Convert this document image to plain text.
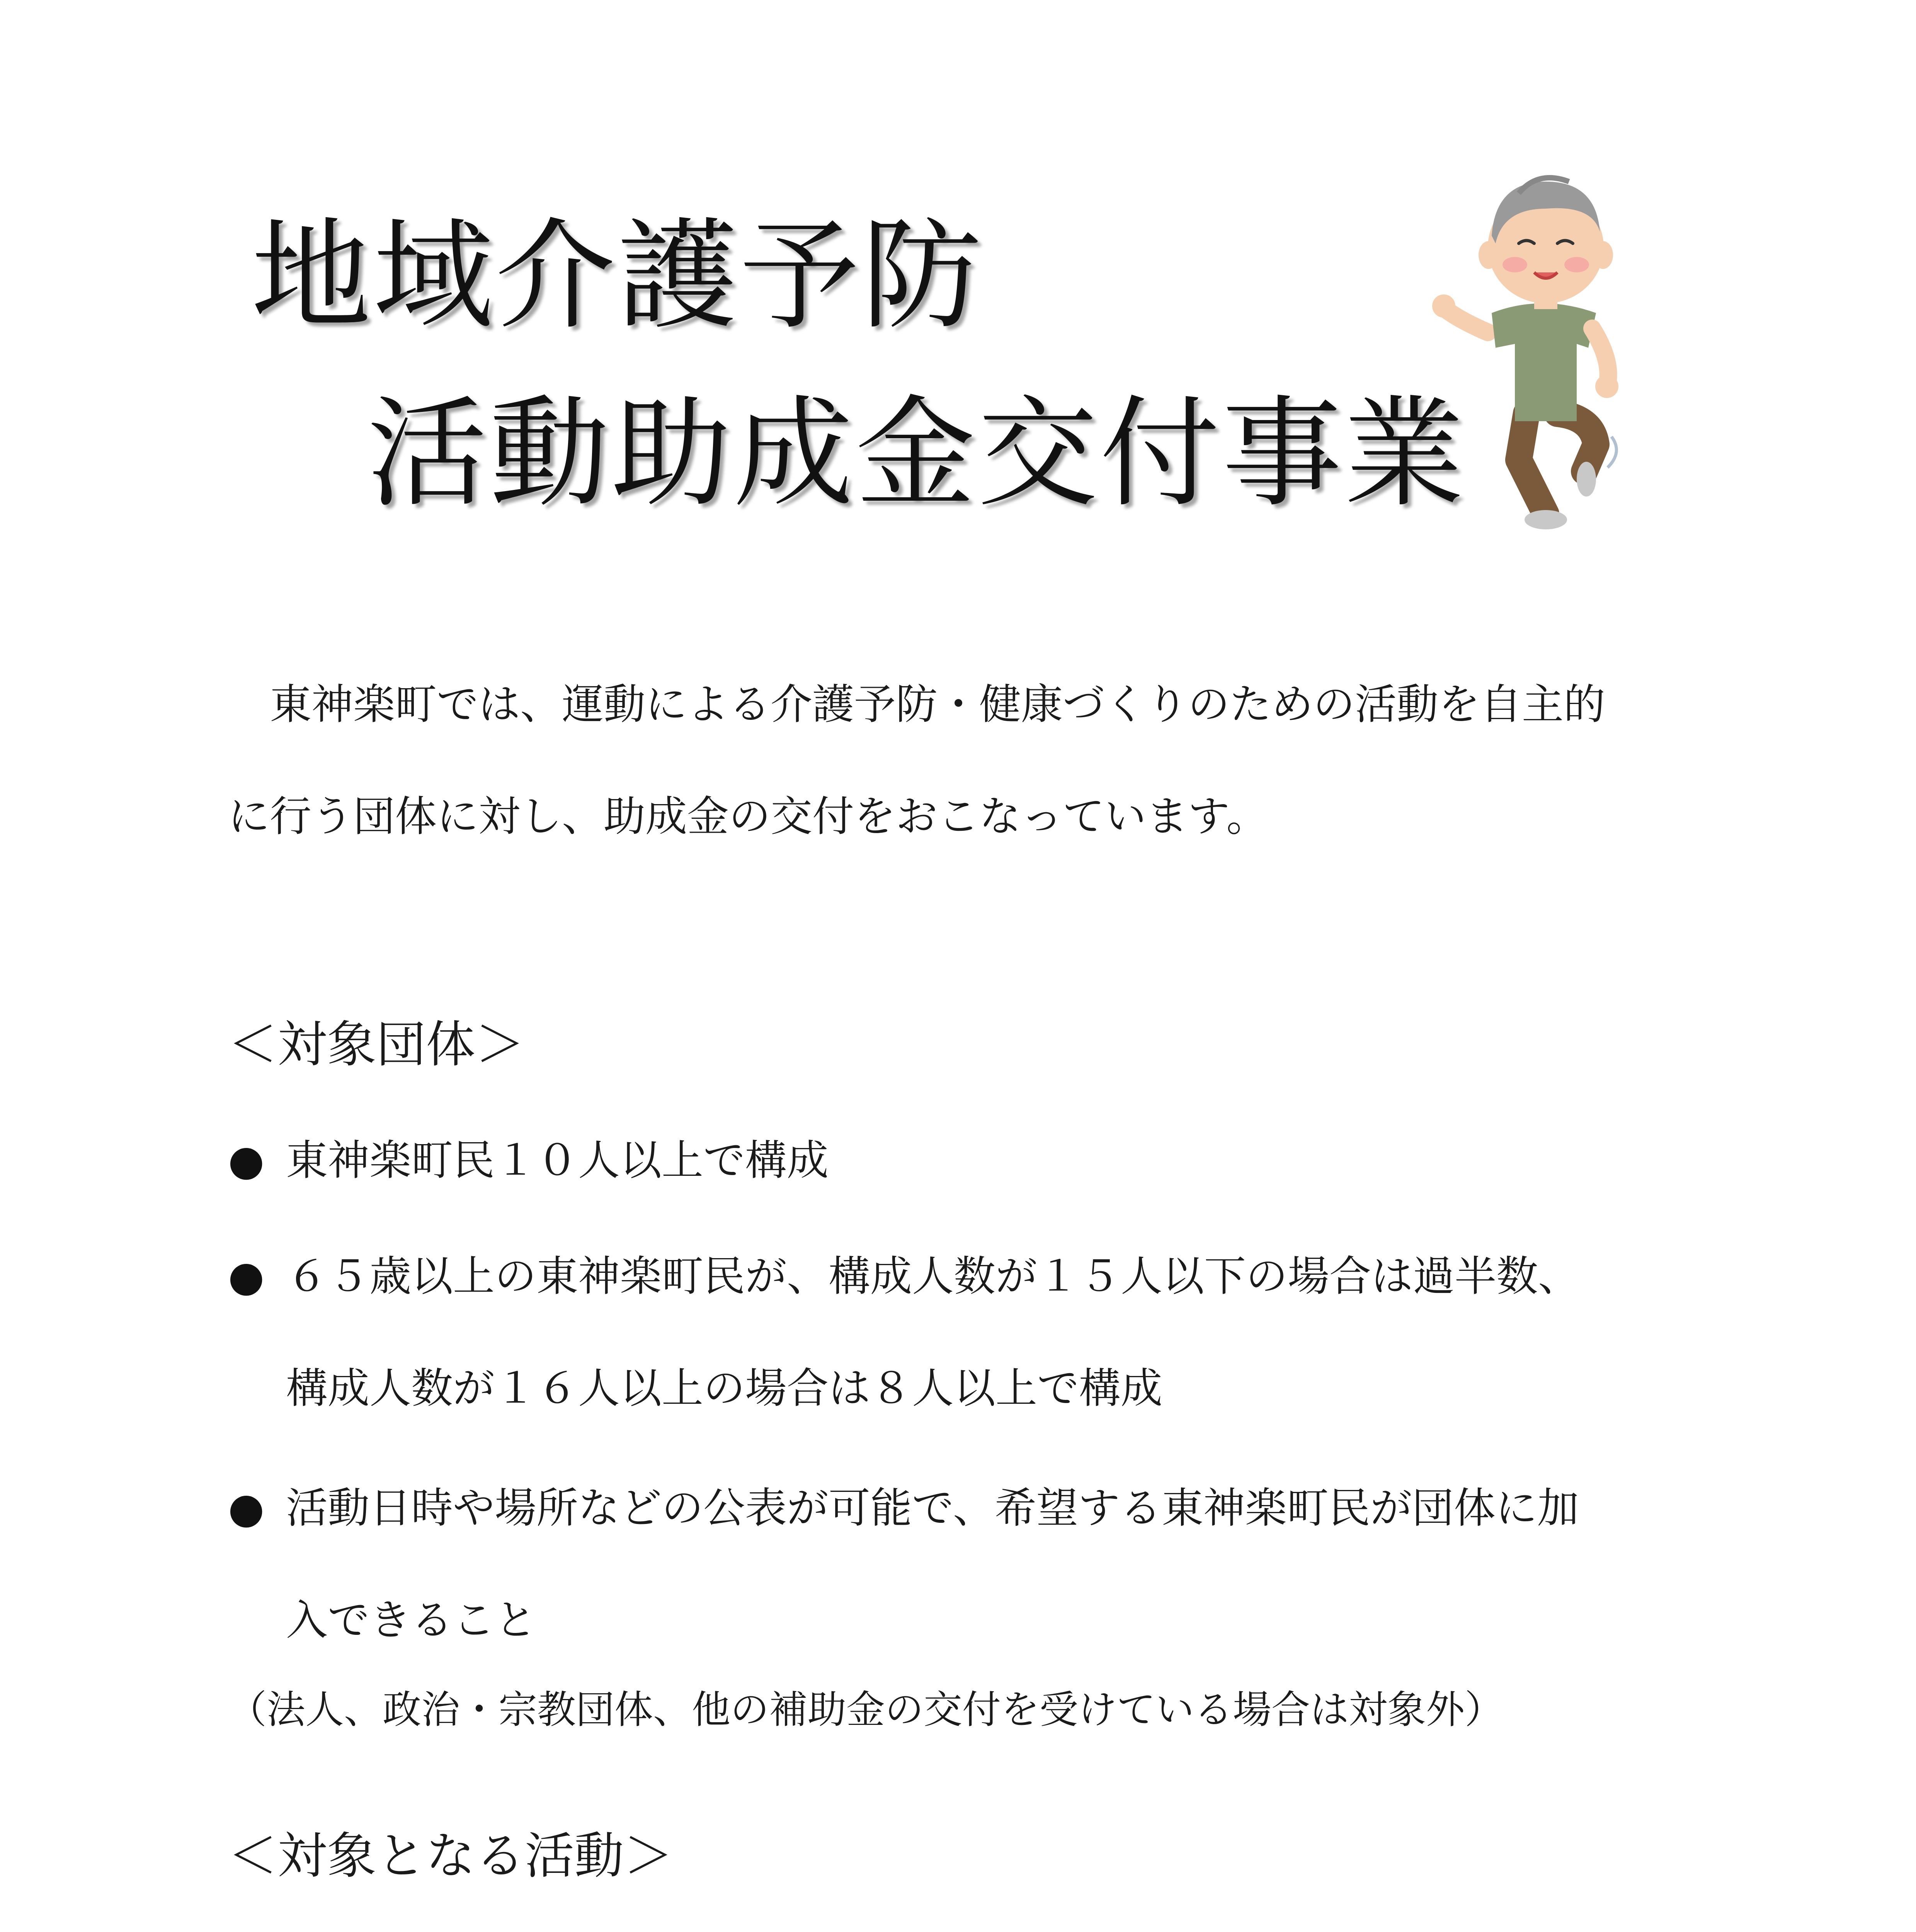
地域介護予防
活動助成金交付事業
　東神楽町では、運動による介護予防・健康づくりのための活動を自主的
に行う団体に対し、助成金の交付をおこなっています。
＜対象団体＞
● 東神楽町民１０人以上で構成
● ６５歳以上の東神楽町民が、構成人数が１５人以下の場合は過半数、
構成人数が１６人以上の場合は８人以上で構成
● 活動日時や場所などの公表が可能で、希望する東神楽町民が団体に加
入できること
（法人、政治・宗教団体、他の補助金の交付を受けている場合は対象外）
＜対象となる活動＞
